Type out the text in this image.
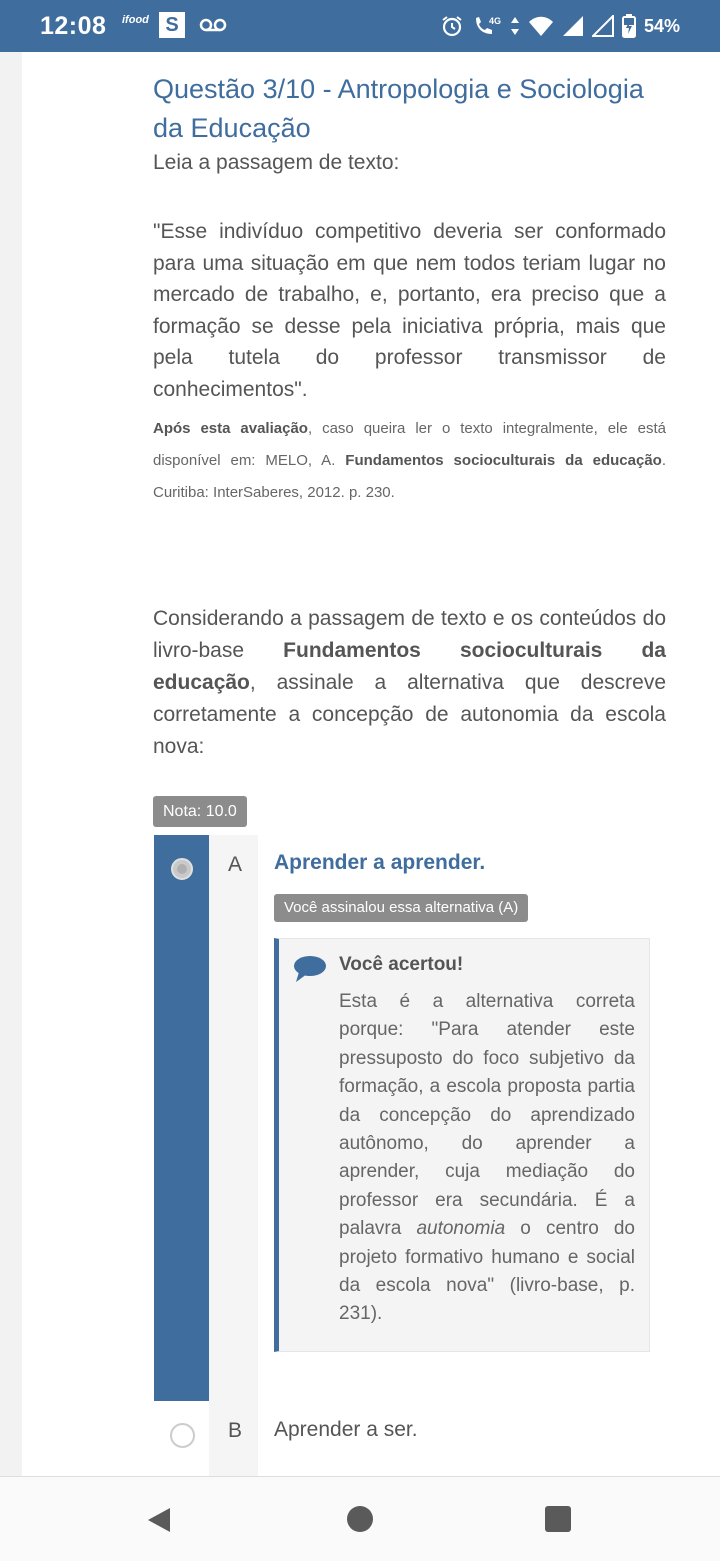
12:08 ifood S	4G	54%
Questão 3/10 - Antropologia e Sociologia da Educação

Leia a passagem de texto:

"Esse indivíduo competitivo deveria ser conformado para uma situação em que nem todos teriam lugar no mercado de trabalho, e, portanto, era preciso que a formação se desse pela iniciativa própria, mais que pela tutela do professor transmissor de conhecimentos".

Após esta avaliação, caso queira ler o texto integralmente, ele está disponível em: MELO, A. Fundamentos socioculturais da educação. Curitiba: InterSaberes, 2012. p. 230.

Considerando a passagem de texto e os conteúdos do livro-base Fundamentos socioculturais da educação, assinale a alternativa que descreve corretamente a concepção de autonomia da escola nova:

Nota: 10.0
A Aprender a aprender.

Você assinalou essa alternativa (A)

Você acertou!

Esta é a alternativa correta porque: "Para atender este pressuposto do foco subjetivo da formação, a escola proposta partia da concepção do aprendizado autônomo, do aprender a aprender, cuja mediação do professor era secundária. É a palavra autonomia o centro do projeto formativo humano e social da escola nova" (livro-base, p. 231).

B Aprender a ser.
